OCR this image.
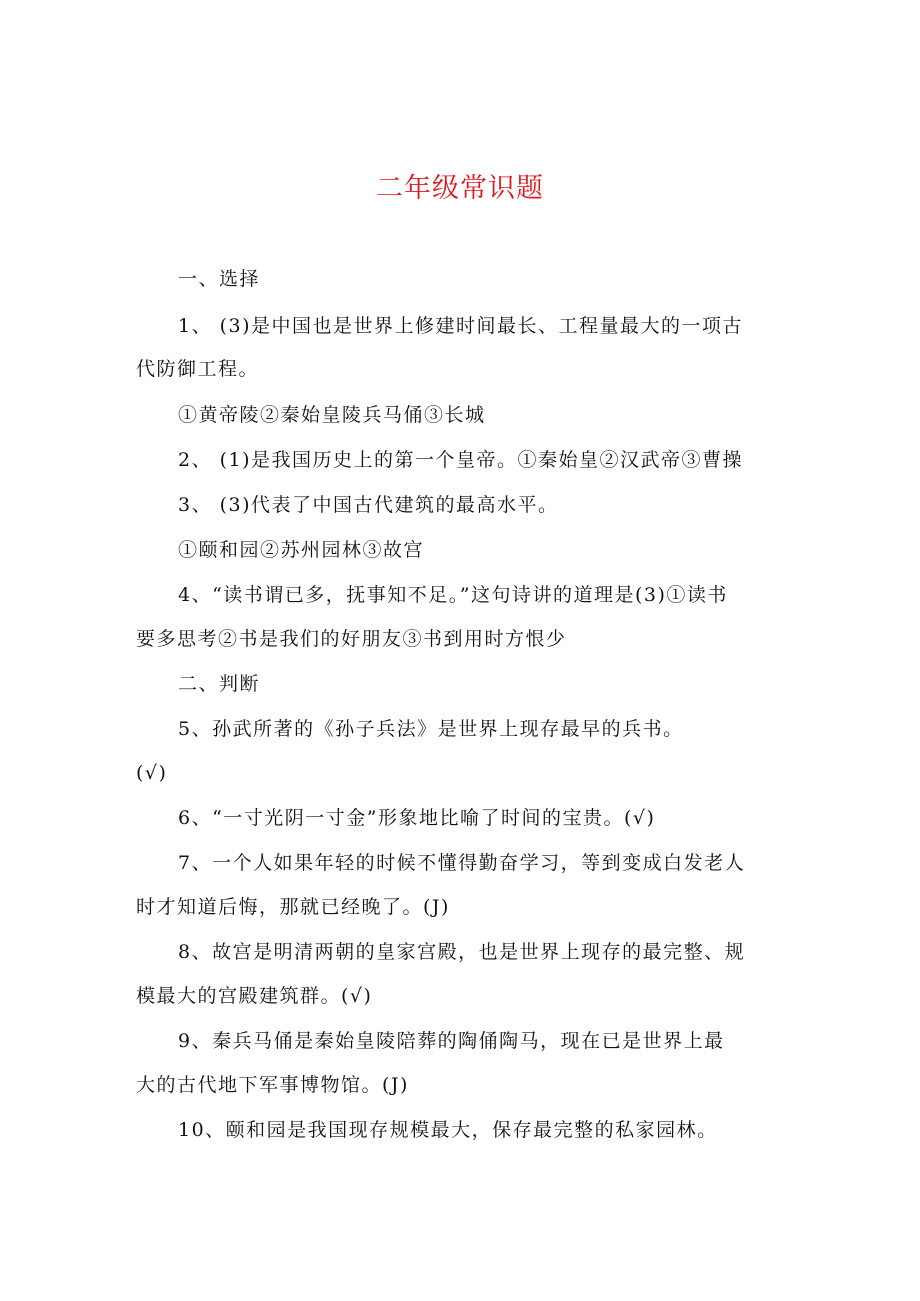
二年级常识题
一、选择
1、 (3)是中国也是世界上修建时间最长、工程量最大的一项古
代防御工程。
①黄帝陵②秦始皇陵兵马俑③长城
2、 (1)是我国历史上的第一个皇帝。①秦始皇②汉武帝③曹操
3、 (3)代表了中国古代建筑的最高水平。
①颐和园②苏州园林③故宫
4、“读书谓已多，抚事知不足。”这句诗讲的道理是(3)①读书
要多思考②书是我们的好朋友③书到用时方恨少
二、判断
5、孙武所著的《孙子兵法》是世界上现存最早的兵书。
(√)
6、“一寸光阴一寸金”形象地比喻了时间的宝贵。(√)
7、一个人如果年轻的时候不懂得勤奋学习，等到变成白发老人
时才知道后悔，那就已经晚了。(J)
8、故宫是明清两朝的皇家宫殿，也是世界上现存的最完整、规
模最大的宫殿建筑群。(√)
9、秦兵马俑是秦始皇陵陪葬的陶俑陶马，现在已是世界上最
大的古代地下军事博物馆。(J)
10、颐和园是我国现存规模最大，保存最完整的私家园林。
